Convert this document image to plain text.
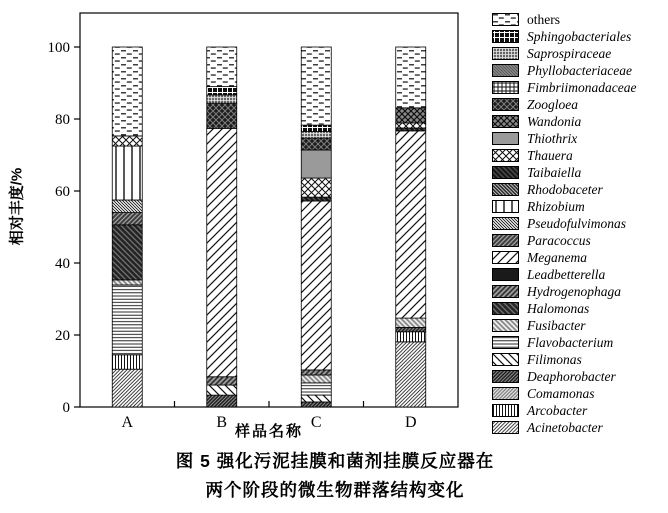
0
20
40
60
80
100
A	B	C	D
相对丰度/%
样品名称
others
Sphingobacteriales
Saprospiraceae
Phyllobacteriaceae
Fimbriimonadaceae
Zoogloea
Wandonia
Thiothrix
Thauera
Taibaiella
Rhodobaceter
Rhizobium
Pseudofulvimonas
Paracoccus
Meganema
Leadbetterella
Hydrogenophaga
Halomonas
Fusibacter
Flavobacterium
Filimonas
Deaphorobacter
Comamonas
Arcobacter
Acinetobacter
图 5 强化污泥挂膜和菌剂挂膜反应器在
两个阶段的微生物群落结构变化
